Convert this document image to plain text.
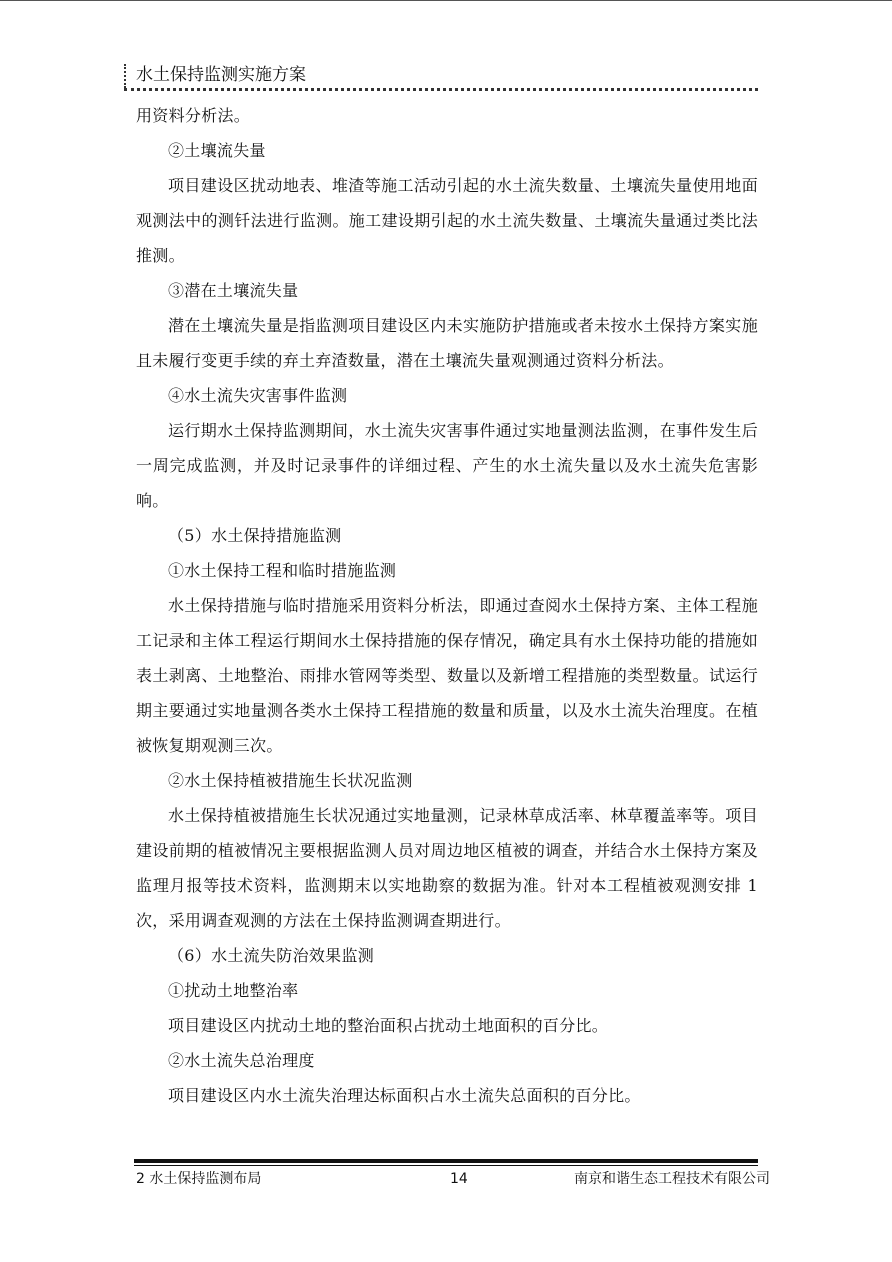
水土保持监测实施方案

用资料分析法。

②土壤流失量

项目建设区扰动地表、堆渣等施工活动引起的水土流失数量、土壤流失量使用地面观测法中的测钎法进行监测。施工建设期引起的水土流失数量、土壤流失量通过类比法推测。

③潜在土壤流失量

潜在土壤流失量是指监测项目建设区内未实施防护措施或者未按水土保持方案实施且未履行变更手续的弃土弃渣数量，潜在土壤流失量观测通过资料分析法。

④水土流失灾害事件监测

运行期水土保持监测期间，水土流失灾害事件通过实地量测法监测，在事件发生后一周完成监测，并及时记录事件的详细过程、产生的水土流失量以及水土流失危害影响。

（5）水土保持措施监测

①水土保持工程和临时措施监测

水土保持措施与临时措施采用资料分析法，即通过查阅水土保持方案、主体工程施工记录和主体工程运行期间水土保持措施的保存情况，确定具有水土保持功能的措施如表土剥离、土地整治、雨排水管网等类型、数量以及新增工程措施的类型数量。试运行期主要通过实地量测各类水土保持工程措施的数量和质量，以及水土流失治理度。在植被恢复期观测三次。

②水土保持植被措施生长状况监测

水土保持植被措施生长状况通过实地量测，记录林草成活率、林草覆盖率等。项目建设前期的植被情况主要根据监测人员对周边地区植被的调查，并结合水土保持方案及监理月报等技术资料，监测期末以实地勘察的数据为准。针对本工程植被观测安排 1 次，采用调查观测的方法在土保持监测调查期进行。

（6）水土流失防治效果监测

①扰动土地整治率

项目建设区内扰动土地的整治面积占扰动土地面积的百分比。

②水土流失总治理度

项目建设区内水土流失治理达标面积占水土流失总面积的百分比。

2 水土保持监测布局	14	南京和谐生态工程技术有限公司
